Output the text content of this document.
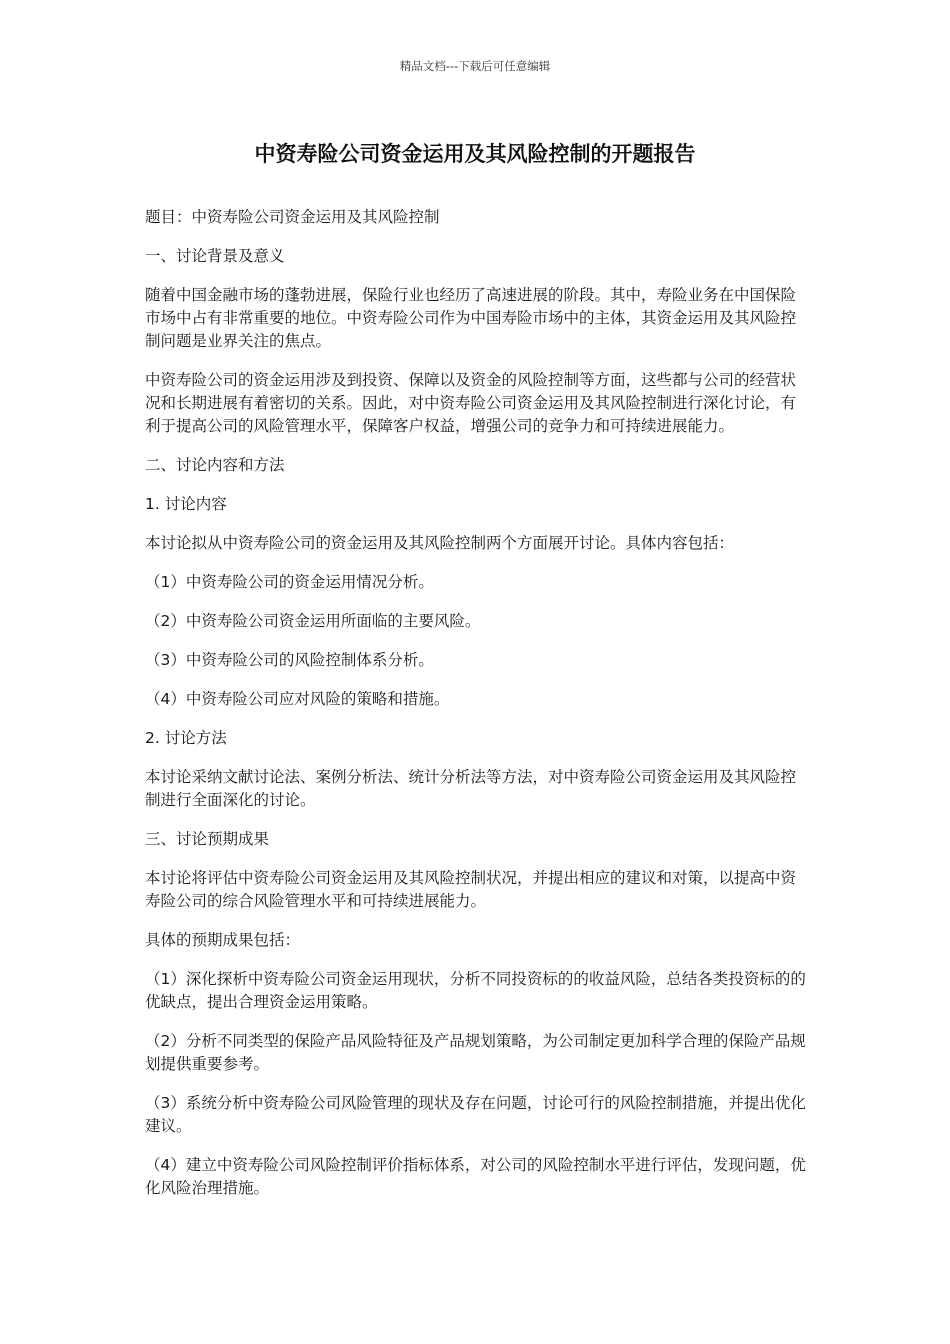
精品文档---下载后可任意编辑
中资寿险公司资金运用及其风险控制的开题报告

题目：中资寿险公司资金运用及其风险控制

一、讨论背景及意义

随着中国金融市场的蓬勃进展，保险行业也经历了高速进展的阶段。其中，寿险业务在中国保险市场中占有非常重要的地位。中资寿险公司作为中国寿险市场中的主体，其资金运用及其风险控制问题是业界关注的焦点。

中资寿险公司的资金运用涉及到投资、保障以及资金的风险控制等方面，这些都与公司的经营状况和长期进展有着密切的关系。因此，对中资寿险公司资金运用及其风险控制进行深化讨论，有利于提高公司的风险管理水平，保障客户权益，增强公司的竞争力和可持续进展能力。

二、讨论内容和方法

1. 讨论内容

本讨论拟从中资寿险公司的资金运用及其风险控制两个方面展开讨论。具体内容包括：

（1）中资寿险公司的资金运用情况分析。

（2）中资寿险公司资金运用所面临的主要风险。

（3）中资寿险公司的风险控制体系分析。

（4）中资寿险公司应对风险的策略和措施。

2. 讨论方法

本讨论采纳文献讨论法、案例分析法、统计分析法等方法，对中资寿险公司资金运用及其风险控制进行全面深化的讨论。

三、讨论预期成果

本讨论将评估中资寿险公司资金运用及其风险控制状况，并提出相应的建议和对策，以提高中资寿险公司的综合风险管理水平和可持续进展能力。

具体的预期成果包括：

（1）深化探析中资寿险公司资金运用现状，分析不同投资标的的收益风险，总结各类投资标的的优缺点，提出合理资金运用策略。

（2）分析不同类型的保险产品风险特征及产品规划策略，为公司制定更加科学合理的保险产品规划提供重要参考。

（3）系统分析中资寿险公司风险管理的现状及存在问题，讨论可行的风险控制措施，并提出优化建议。

（4）建立中资寿险公司风险控制评价指标体系，对公司的风险控制水平进行评估，发现问题，优化风险治理措施。
